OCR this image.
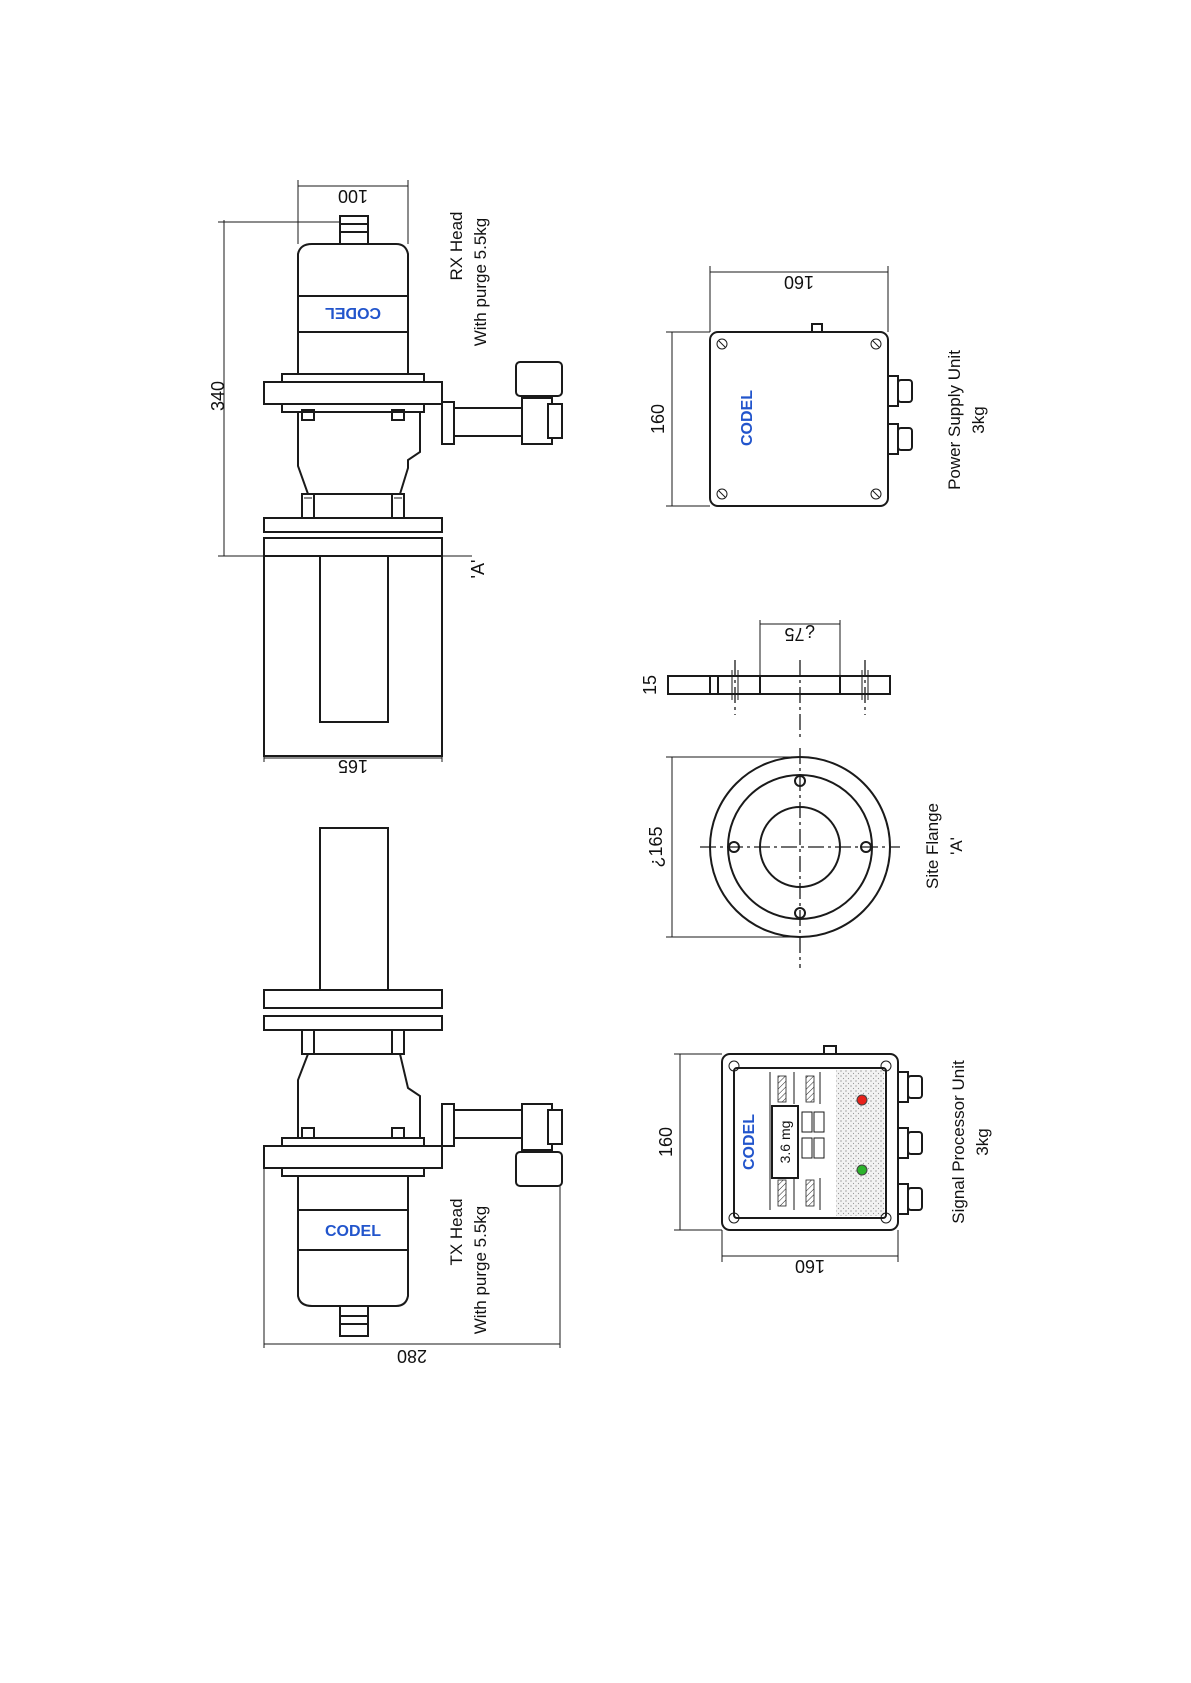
CODEL
100
340
165
'A'
RX Head With purge 5.5kg
CODEL
280
TX Head With purge 5.5kg
CODEL
160
160	Power Supply Unit 3kg
¿75
15
¿165	Site Flange 'A'
3.6 mg
CODEL
160
160
Signal Processor Unit 3kg
